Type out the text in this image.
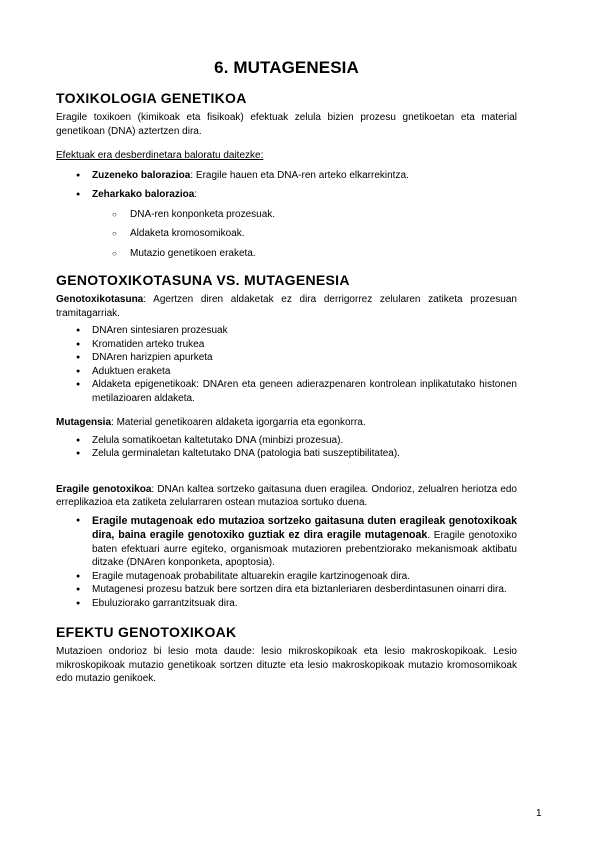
6. MUTAGENESIA
TOXIKOLOGIA GENETIKOA

Eragile toxikoen (kimikoak eta fisikoak) efektuak zelula bizien prozesu gnetikoetan eta material genetikoan (DNA) aztertzen dira.

Efektuak era desberdinetara baloratu daitezke:

● Zuzeneko balorazioa: Eragile hauen eta DNA-ren arteko elkarrekintza.
● Zeharkako balorazioa:
○ DNA-ren konponketa prozesuak.
○ Aldaketa kromosomikoak.
○ Mutazio genetikoen eraketa.
GENOTOXIKOTASUNA VS. MUTAGENESIA

Genotoxikotasuna: Agertzen diren aldaketak ez dira derrigorrez zelularen zatiketa prozesuan tramitagarriak.

● DNAren sintesiaren prozesuak
● Kromatiden arteko trukea
● DNAren harizpien apurketa
● Aduktuen eraketa
● Aldaketa epigenetikoak: DNAren eta geneen adierazpenaren kontrolean inplikatutako histonen metilazioaren aldaketa.

Mutagensia: Material genetikoaren aldaketa igorgarria eta egonkorra.

● Zelula somatikoetan kaltetutako DNA (minbizi prozesua).
● Zelula germinaletan kaltetutako DNA (patologia bati suszeptibilitatea).

Eragile genotoxikoa: DNAn kaltea sortzeko gaitasuna duen eragilea. Ondorioz, zelualren heriotza edo erreplikazioa eta zatiketa zelularraren ostean mutazioa sortuko duena.

● Eragile mutagenoak edo mutazioa sortzeko gaitasuna duten eragileak genotoxikoak dira, baina eragile genotoxiko guztiak ez dira eragile mutagenoak. Eragile genotoxiko baten efektuari aurre egiteko, organismoak mutazioren prebentziorako mekanismoak aktibatu ditzake (DNAren konponketa, apoptosia).
● Eragile mutagenoak probabilitate altuarekin eragile kartzinogenoak dira.
● Mutagenesi prozesu batzuk bere sortzen dira eta biztanleriaren desberdintasunen oinarri dira.
● Ebuluziorako garrantzitsuak dira.
EFEKTU GENOTOXIKOAK

Mutazioen ondorioz bi lesio mota daude: lesio mikroskopikoak eta lesio makroskopikoak. Lesio mikroskopikoak mutazio genetikoak sortzen dituzte eta lesio makroskopikoak mutazio kromosomikoak edo mutazio genikoek.

1
